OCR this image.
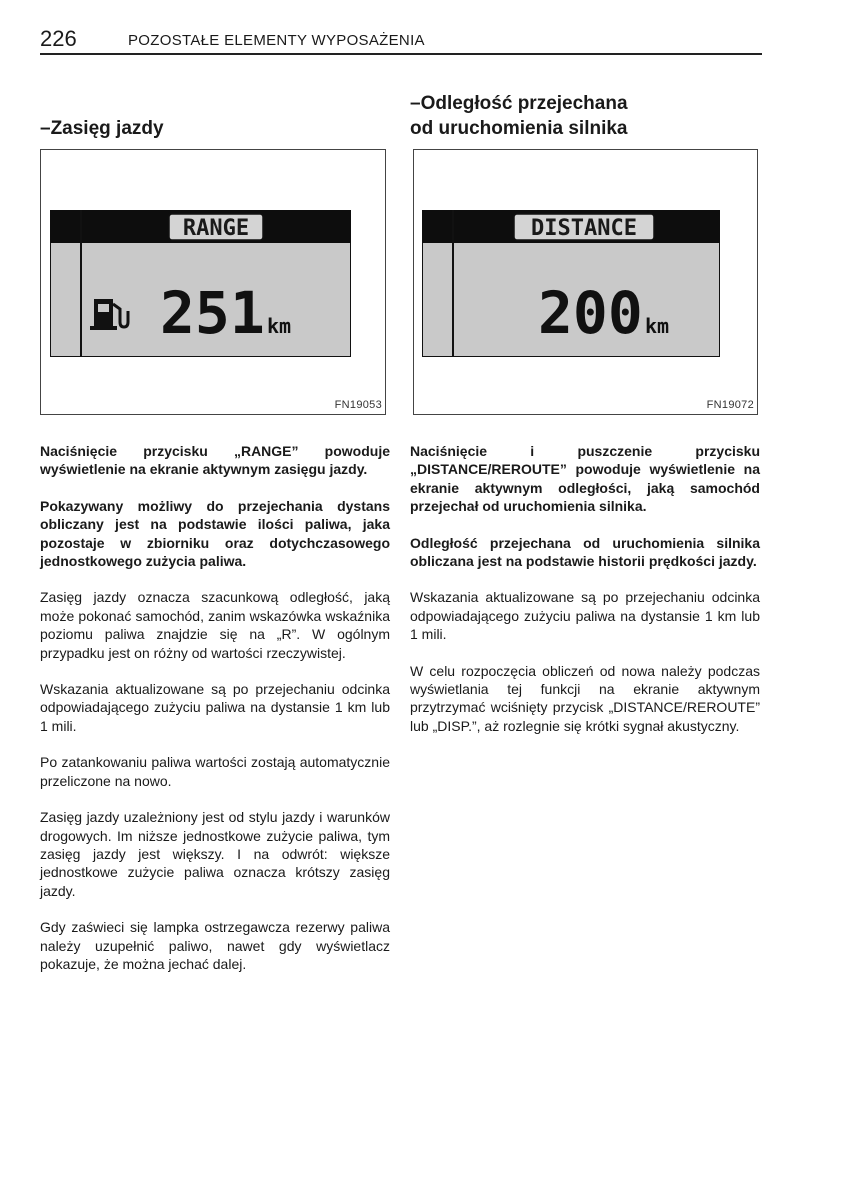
226	POZOSTAŁE ELEMENTY WYPOSAŻENIA
–Zasięg jazdy
RANGE
251 km
FN19053
–Odległość przejechana
od uruchomienia silnika
DISTANCE
200 km
FN19072

Naciśnięcie przycisku „RANGE” powoduje wyświetlenie na ekranie aktywnym zasięgu jazdy.

Pokazywany możliwy do przejechania dystans obliczany jest na podstawie ilości paliwa, jaka pozostaje w zbiorniku oraz dotychczasowego jednostkowego zużycia paliwa.

Zasięg jazdy oznacza szacunkową odległość, jaką może pokonać samochód, zanim wskazówka wskaźnika poziomu paliwa znajdzie się na „R”. W ogólnym przypadku jest on różny od wartości rzeczywistej.

Wskazania aktualizowane są po przejechaniu odcinka odpowiadającego zużyciu paliwa na dystansie 1 km lub 1 mili.

Po zatankowaniu paliwa wartości zostają automatycznie przeliczone na nowo.

Zasięg jazdy uzależniony jest od stylu jazdy i warunków drogowych. Im niższe jednostkowe zużycie paliwa, tym zasięg jazdy jest większy. I na odwrót: większe jednostkowe zużycie paliwa oznacza krótszy zasięg jazdy.

Gdy zaświeci się lampka ostrzegawcza rezerwy paliwa należy uzupełnić paliwo, nawet gdy wyświetlacz pokazuje, że można jechać dalej.

Naciśnięcie i puszczenie przycisku „DISTANCE/REROUTE” powoduje wyświetlenie na ekranie aktywnym odległości, jaką samochód przejechał od uruchomienia silnika.

Odległość przejechana od uruchomienia silnika obliczana jest na podstawie historii prędkości jazdy.

Wskazania aktualizowane są po przejechaniu odcinka odpowiadającego zużyciu paliwa na dystansie 1 km lub 1 mili.

W celu rozpoczęcia obliczeń od nowa należy podczas wyświetlania tej funkcji na ekranie aktywnym przytrzymać wciśnięty przycisk „DISTANCE/REROUTE” lub „DISP.”, aż rozlegnie się krótki sygnał akustyczny.
